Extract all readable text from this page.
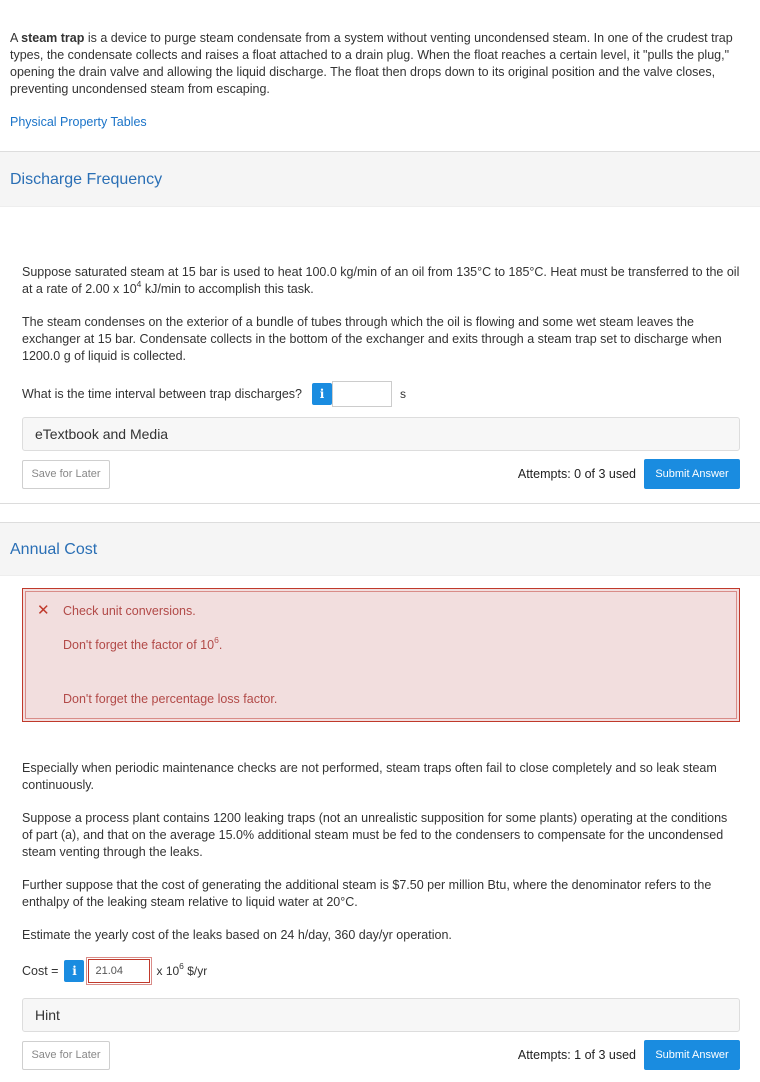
A steam trap is a device to purge steam condensate from a system without venting uncondensed steam. In one of the crudest trap types, the condensate collects and raises a float attached to a drain plug. When the float reaches a certain level, it "pulls the plug," opening the drain valve and allowing the liquid discharge. The float then drops down to its original position and the valve closes, preventing uncondensed steam from escaping.

Physical Property Tables
Discharge Frequency

Suppose saturated steam at 15 bar is used to heat 100.0 kg/min of an oil from 135°C to 185°C. Heat must be transferred to the oil at a rate of 2.00 x $10^4$ kJ/min to accomplish this task.

The steam condenses on the exterior of a bundle of tubes through which the oil is flowing and some wet steam leaves the exchanger at 15 bar. Condensate collects in the bottom of the exchanger and exits through a steam trap set to discharge when 1200.0 g of liquid is collected.

What is the time interval between trap discharges?	i	s
eTextbook and Media
Save for Later	Attempts: 0 of 3 used	Submit Answer
Annual Cost
✕ Check unit conversions.
Don't forget the factor of $10^6$.
Don't forget the percentage loss factor.

Especially when periodic maintenance checks are not performed, steam traps often fail to close completely and so leak steam continuously.

Suppose a process plant contains 1200 leaking traps (not an unrealistic supposition for some plants) operating at the conditions of part (a), and that on the average 15.0% additional steam must be fed to the condensers to compensate for the uncondensed steam venting through the leaks.

Further suppose that the cost of generating the additional steam is $7.50 per million Btu, where the denominator refers to the enthalpy of the leaking steam relative to liquid water at 20°C.

Estimate the yearly cost of the leaks based on 24 h/day, 360 day/yr operation.

Cost =	i
21.04	x $10^6$ $/yr
Hint
Save for Later	Attempts: 1 of 3 used	Submit Answer
